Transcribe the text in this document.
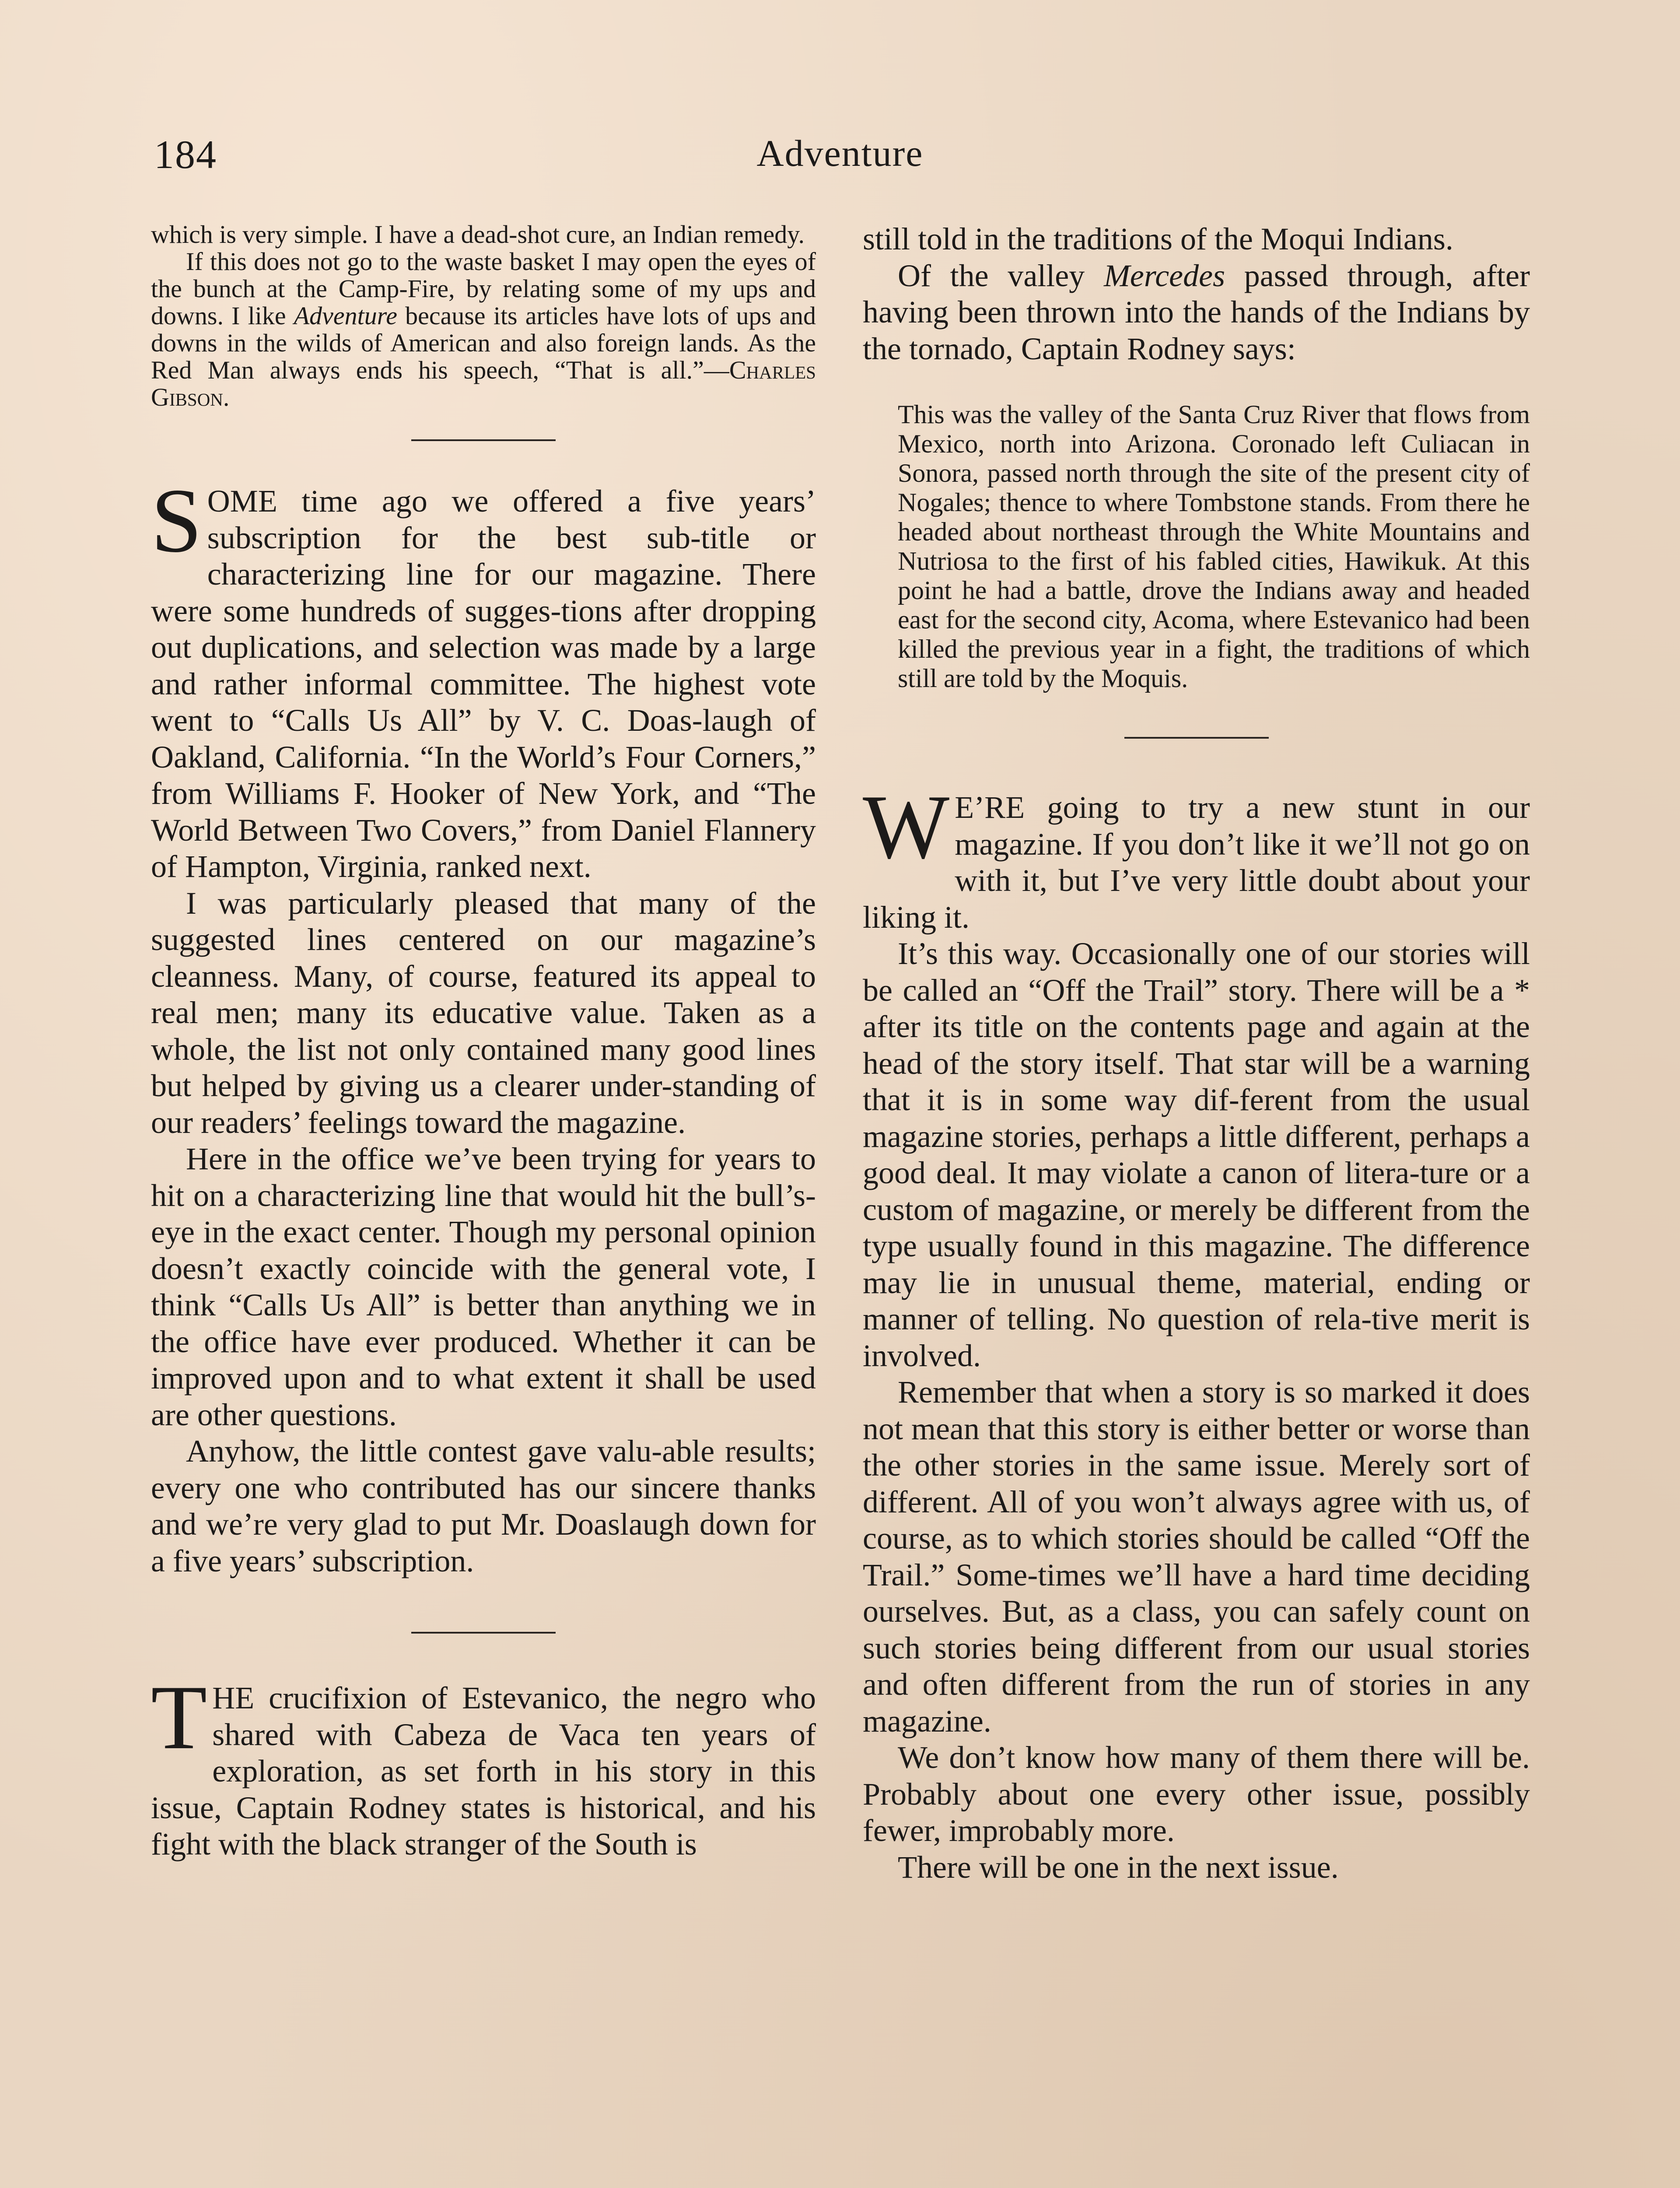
184	Adventure

which is very simple. I have a dead-shot cure, an Indian remedy.

If this does not go to the waste basket I may open the eyes of the bunch at the Camp-Fire, by relating some of my ups and downs. I like Adventure because its articles have lots of ups and downs in the wilds of American and also foreign lands. As the Red Man always ends his speech, “That is all.”—Charles Gibson.

SOME time ago we offered a five years’ subscription for the best sub-title or characterizing line for our magazine. There were some hundreds of sugges-tions after dropping out duplications, and selection was made by a large and rather informal committee. The highest vote went to “Calls Us All” by V. C. Doas-laugh of Oakland, California. “In the World’s Four Corners,” from Williams F. Hooker of New York, and “The World Between Two Covers,” from Daniel Flannery of Hampton, Virginia, ranked next.

I was particularly pleased that many of the suggested lines centered on our magazine’s cleanness. Many, of course, featured its appeal to real men; many its educative value. Taken as a whole, the list not only contained many good lines but helped by giving us a clearer under-standing of our readers’ feelings toward the magazine.

Here in the office we’ve been trying for years to hit on a characterizing line that would hit the bull’s-eye in the exact center. Though my personal opinion doesn’t exactly coincide with the general vote, I think “Calls Us All” is better than anything we in the office have ever produced. Whether it can be improved upon and to what extent it shall be used are other questions.

Anyhow, the little contest gave valu-able results; every one who contributed has our sincere thanks and we’re very glad to put Mr. Doaslaugh down for a five years’ subscription.

THE crucifixion of Estevanico, the negro who shared with Cabeza de Vaca ten years of exploration, as set forth in his story in this issue, Captain Rodney states is historical, and his fight with the black stranger of the South is

still told in the traditions of the Moqui Indians.

Of the valley Mercedes passed through, after having been thrown into the hands of the Indians by the tornado, Captain Rodney says:

This was the valley of the Santa Cruz River that flows from Mexico, north into Arizona. Coronado left Culiacan in Sonora, passed north through the site of the present city of Nogales; thence to where Tombstone stands. From there he headed about northeast through the White Mountains and Nutriosa to the first of his fabled cities, Hawikuk. At this point he had a battle, drove the Indians away and headed east for the second city, Acoma, where Estevanico had been killed the previous year in a fight, the traditions of which still are told by the Moquis.

W E’RE going to try a new stunt in our magazine. If you don’t like it we’ll not go on with it, but I’ve very little doubt about your liking it.

It’s this way. Occasionally one of our stories will be called an “Off the Trail” story. There will be a * after its title on the contents page and again at the head of the story itself. That star will be a warning that it is in some way dif-ferent from the usual magazine stories, perhaps a little different, perhaps a good deal. It may violate a canon of litera-ture or a custom of magazine, or merely be different from the type usually found in this magazine. The difference may lie in unusual theme, material, ending or manner of telling. No question of rela-tive merit is involved.

Remember that when a story is so marked it does not mean that this story is either better or worse than the other stories in the same issue. Merely sort of different. All of you won’t always agree with us, of course, as to which stories should be called “Off the Trail.” Some-times we’ll have a hard time deciding ourselves. But, as a class, you can safely count on such stories being different from our usual stories and often different from the run of stories in any magazine.

We don’t know how many of them there will be. Probably about one every other issue, possibly fewer, improbably more.

There will be one in the next issue.
